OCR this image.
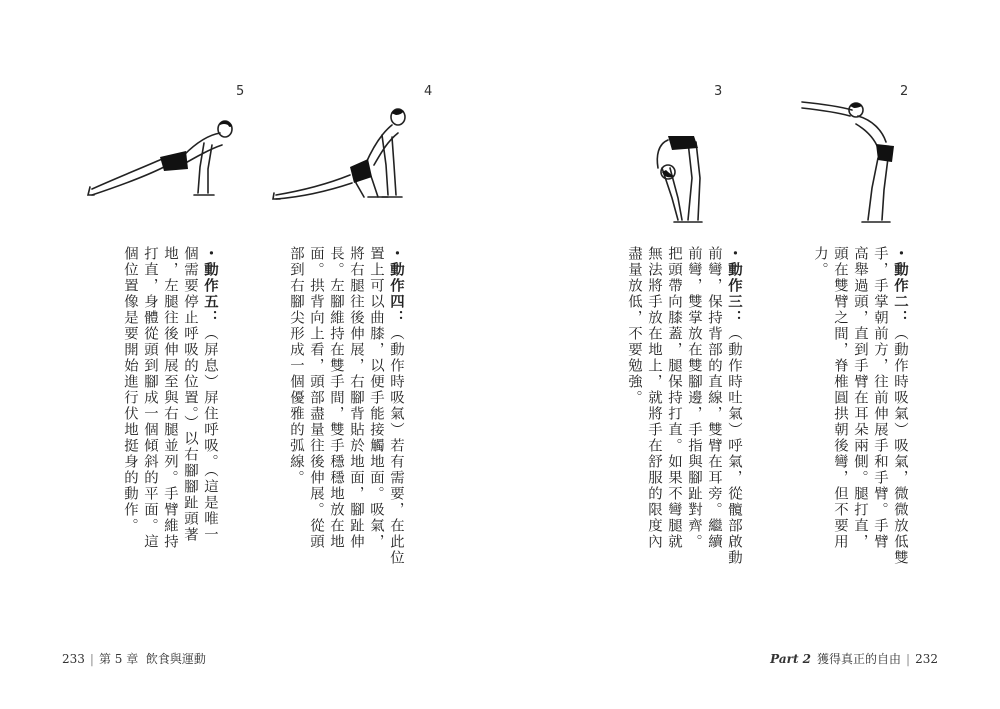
5	4	3	2

・動作五：（屏息）屏住呼吸。（這是唯一

個需要停止呼吸的位置。）以右腳腳趾頭著

地，左腿往後伸展至與右腿並列。手臂維持

打直，身體從頭到腳成一個傾斜的平面。這

個位置像是要開始進行伏地挺身的動作。	・動作四：（動作時吸氣）若有需要，在此位

置上可以曲膝，以便手能接觸地面。吸氣，

將右腿往後伸展，右腳背貼於地面，腳趾伸

長。左腳維持在雙手間，雙手穩穩地放在地

面。拱背向上看，頭部盡量往後伸展。從頭

部到右腳尖形成一個優雅的弧線。	・動作三：（動作時吐氣）呼氣，從髖部啟動

前彎，保持背部的直線，雙臂在耳旁。繼續

前彎，雙掌放在雙腳邊，手指與腳趾對齊。

把頭帶向膝蓋，腿保持打直。如果不彎腿就

無法將手放在地上，就將手在舒服的限度內

盡量放低，不要勉強。	・動作二：（動作時吸氣）吸氣，微微放低雙

手，手掌朝前方，往前伸展手和手臂。手臂

高舉過頭，直到手臂在耳朵兩側。腿打直，

頭在雙臂之間，脊椎圓拱朝後彎，但不要用

力。

233 | 第 5 章 飲食與運動	Part 2 獲得真正的自由 | 232
